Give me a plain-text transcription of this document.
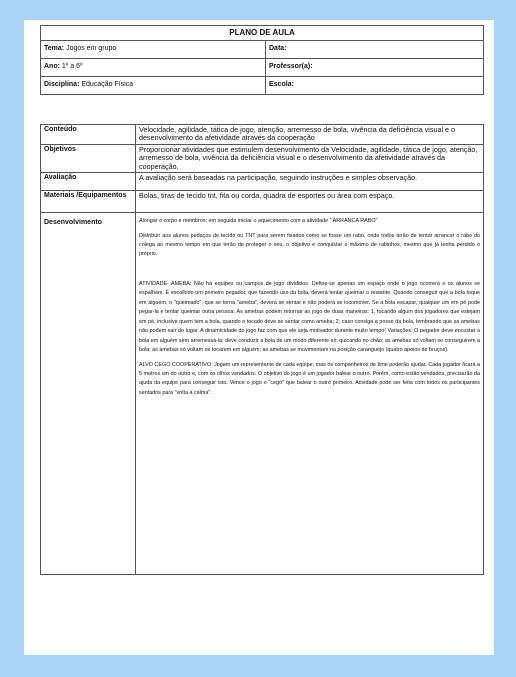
PLANO DE AULA	
Tema: Jogos em grupo	Data:
Ano: 1º a 6º	Professor(a):
Disciplina: Educação Física	Escola:
Conteúdo	Velocidade, agilidade, tática de jogo, atenção, arremesso de bola, vivência da deficiência visual e o desenvolvimento da afetividade através da cooperação
Objetivos	Proporcionar atividades que estimulem desenvolvimento da Velocidade, agilidade, tática de jogo, atenção, arremesso de bola, vivência da deficiência visual e o desenvolvimento da afetividade através da cooperação.
Avaliação	A avaliação será baseadas na participação, seguindo instruções e simples observação.
Materiais /Equipamentos	Bolas, tiras de tecido tnt, fita ou corda, quadra de esportes ou área com espaço.
Desenvolvimento	Alongar o corpo e membros; em seguida iniciar o aquecimento com a atividade " ARRANCA RABO"

Distribuir aos alunos pedaços de tecido ou TNT para serem fixados como se fosse um rabo, onde todos terão de tentar arrancar o rabo do colega ao mesmo tempo em que terão de proteger o seu, o objetivo e conquistar o máximo de rabinhos, mesmo que já tenha perdido o próprio.

ATIVIDADE- AMEBA: Não há equipes ou campos de jogo divididos. Define-se apenas um espaço onde o jogo ocorrerá e os alunos se espalham. É escolhido um primeiro pegador, que fazendo uso da bola, deverá tentar queimar o restante. Quando conseguir que a bola toque em alguém, o "queimado", que se torna "ameba", deverá se sentar e não poderá se locomover. Se a bola escapar, qualquer um em pé pode pegar-la e tentar queimar outra pessoa. As amebas podem retornar ao jogo de duas maneiras: 1, tocando algum dos jogadores que estejam em pé, inclusive quem tem a bola, quando o tocado deve se sentar como ameba; 2, caso consiga a posse da bola, lembrando que as amebas não podem sair do lugar. A dinamicidade do jogo faz com que ele seja motivador durante muito tempo! Variações: O pegador deve encostar a bola em alguém sem arremessá-la; deve conduzir a bola de um modo diferente ex: quicando no chão; as amebas só voltam se conseguirem a bola; as amebas só voltam se tocarem em alguém; as amebas se movimentam na posição caranguejo (quatro apoios de bruços).

ALVO CEGO COOPERATIVO: Jogam um representante de cada equipe, mas os companheiros de time poderão ajudar. Cada jogador ficará a 5 metros um do outro e, com os olhos vendados. O objetivo do jogo é um jogador balear o outro. Porém, como estão vendados, precisarão da ajuda da equipe para conseguir isto. Vence o jogo o "cego" que balear o outro primeiro. Atividade pode ser feita com todos os participantes sentados para "volta à calma".
